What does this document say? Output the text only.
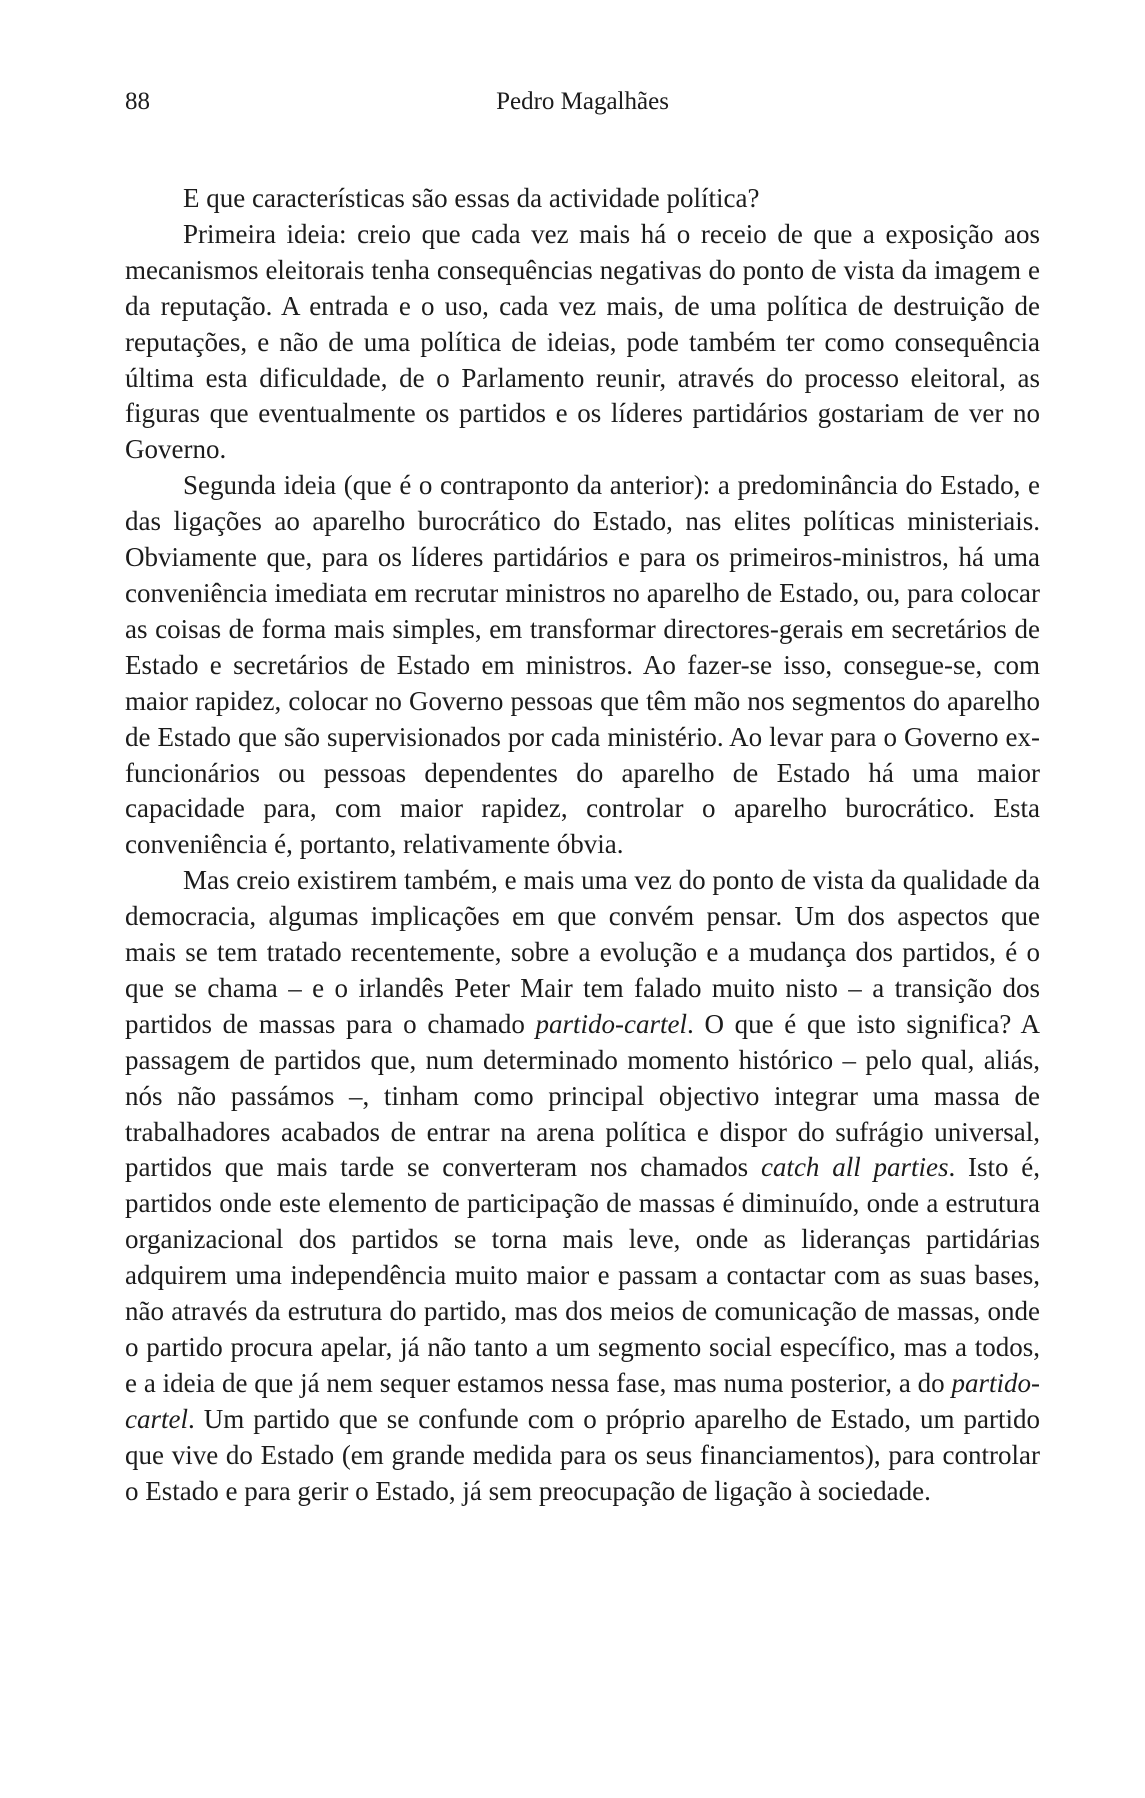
88	Pedro Magalhães

E que características são essas da actividade política?

Primeira ideia: creio que cada vez mais há o receio de que a exposição aos mecanismos eleitorais tenha consequências negativas do ponto de vista da imagem e da reputação. A entrada e o uso, cada vez mais, de uma política de destruição de reputações, e não de uma política de ideias, pode também ter como consequência última esta dificuldade, de o Parlamento reunir, através do processo eleitoral, as figuras que eventualmente os partidos e os líderes partidários gostariam de ver no Governo.

Segunda ideia (que é o contraponto da anterior): a predominância do Estado, e das ligações ao aparelho burocrático do Estado, nas elites políticas ministeriais. Obviamente que, para os líderes partidários e para os primeiros-ministros, há uma conveniência imediata em recrutar ministros no aparelho de Estado, ou, para colocar as coisas de forma mais simples, em transformar directores-gerais em secretários de Estado e secretários de Estado em ministros. Ao fazer-se isso, consegue-se, com maior rapidez, colocar no Governo pessoas que têm mão nos segmentos do aparelho de Estado que são supervisionados por cada ministério. Ao levar para o Governo ex-funcionários ou pessoas dependentes do aparelho de Estado há uma maior capacidade para, com maior rapidez, controlar o aparelho burocrático. Esta conveniência é, portanto, relativamente óbvia.

Mas creio existirem também, e mais uma vez do ponto de vista da qualidade da democracia, algumas implicações em que convém pensar. Um dos aspectos que mais se tem tratado recentemente, sobre a evolução e a mudança dos partidos, é o que se chama – e o irlandês Peter Mair tem falado muito nisto – a transição dos partidos de massas para o chamado partido-cartel. O que é que isto significa? A passagem de partidos que, num determinado momento histórico – pelo qual, aliás, nós não passámos –, tinham como principal objectivo integrar uma massa de trabalhadores acabados de entrar na arena política e dispor do sufrágio universal, partidos que mais tarde se converteram nos chamados catch all parties. Isto é, partidos onde este elemento de participação de massas é diminuído, onde a estrutura organizacional dos partidos se torna mais leve, onde as lideranças partidárias adquirem uma independência muito maior e passam a contactar com as suas bases, não através da estrutura do partido, mas dos meios de comunicação de massas, onde o partido procura apelar, já não tanto a um segmento social específico, mas a todos, e a ideia de que já nem sequer estamos nessa fase, mas numa posterior, a do partido-cartel. Um partido que se confunde com o próprio aparelho de Estado, um partido que vive do Estado (em grande medida para os seus financiamentos), para controlar o Estado e para gerir o Estado, já sem preocupação de ligação à sociedade.
